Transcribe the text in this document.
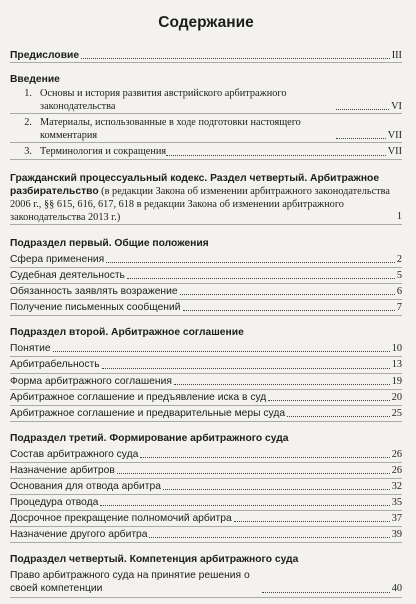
Содержание
Предисловие	III
Введение
1. Основы и история развития австрийского арбитражного законодательства	VI
2. Материалы, использованные в ходе подготовки настоящего комментария	VII
3. Терминология и сокращения	VII
Гражданский процессуальный кодекс. Раздел четвертый. Арбитражное разбирательство (в редакции Закона об изменении арбитражного законодательства 2006 г., §§ 615, 616, 617, 618 в редакции Закона об изменении арбитражного законодательства 2013 г.)	1
Подраздел первый. Общие положения
Сфера применения	2
Судебная деятельность	5
Обязанность заявлять возражение	6
Получение письменных сообщений	7
Подраздел второй. Арбитражное соглашение
Понятие	10
Арбитрабельность	13
Форма арбитражного соглашения	19
Арбитражное соглашение и предъявление иска в суд	20
Арбитражное соглашение и предварительные меры суда	25
Подраздел третий. Формирование арбитражного суда
Состав арбитражного суда	26
Назначение арбитров	26
Основания для отвода арбитра	32
Процедура отвода	35
Досрочное прекращение полномочий арбитра	37
Назначение другого арбитра	39
Подраздел четвертый. Компетенция арбитражного суда
Право арбитражного суда на принятие решения о своей компетенции	40
